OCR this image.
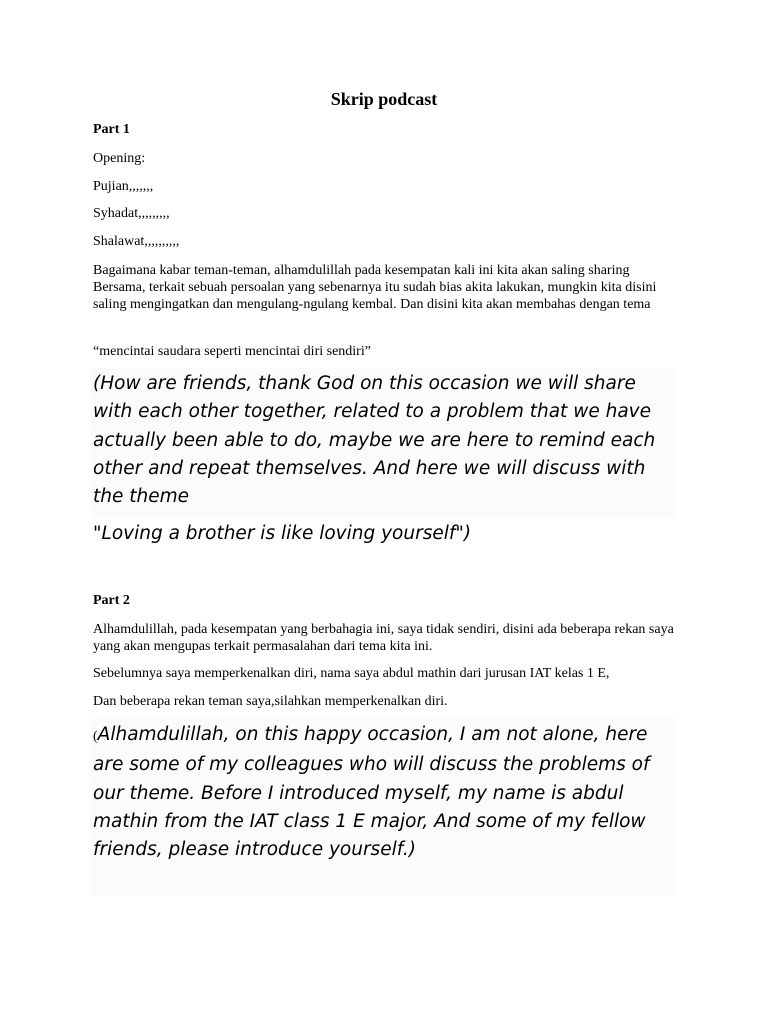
Skrip podcast
Part 1
Opening:
Pujian,,,,,,,
Syhadat,,,,,,,,,
Shalawat,,,,,,,,,,
Bagaimana kabar teman-teman, alhamdulillah pada kesempatan kali ini kita akan saling sharing Bersama, terkait sebuah persoalan yang sebenarnya itu sudah bias akita lakukan, mungkin kita disini saling mengingatkan dan mengulang-ngulang kembal. Dan disini kita akan membahas dengan tema
“mencintai saudara seperti mencintai diri sendiri”

(How are friends, thank God on this occasion we will share with each other together, related to a problem that we have actually been able to do, maybe we are here to remind each other and repeat themselves. And here we will discuss with the theme

"Loving a brother is like loving yourself")

Part 2
Alhamdulillah, pada kesempatan yang berbahagia ini, saya tidak sendiri, disini ada beberapa rekan saya yang akan mengupas terkait permasalahan dari tema kita ini.
Sebelumnya saya memperkenalkan diri, nama saya abdul mathin dari jurusan IAT kelas 1 E,
Dan beberapa rekan teman saya,silahkan memperkenalkan diri.

(Alhamdulillah, on this happy occasion, I am not alone, here are some of my colleagues who will discuss the problems of our theme. Before I introduced myself, my name is abdul mathin from the IAT class 1 E major, And some of my fellow friends, please introduce yourself.)
